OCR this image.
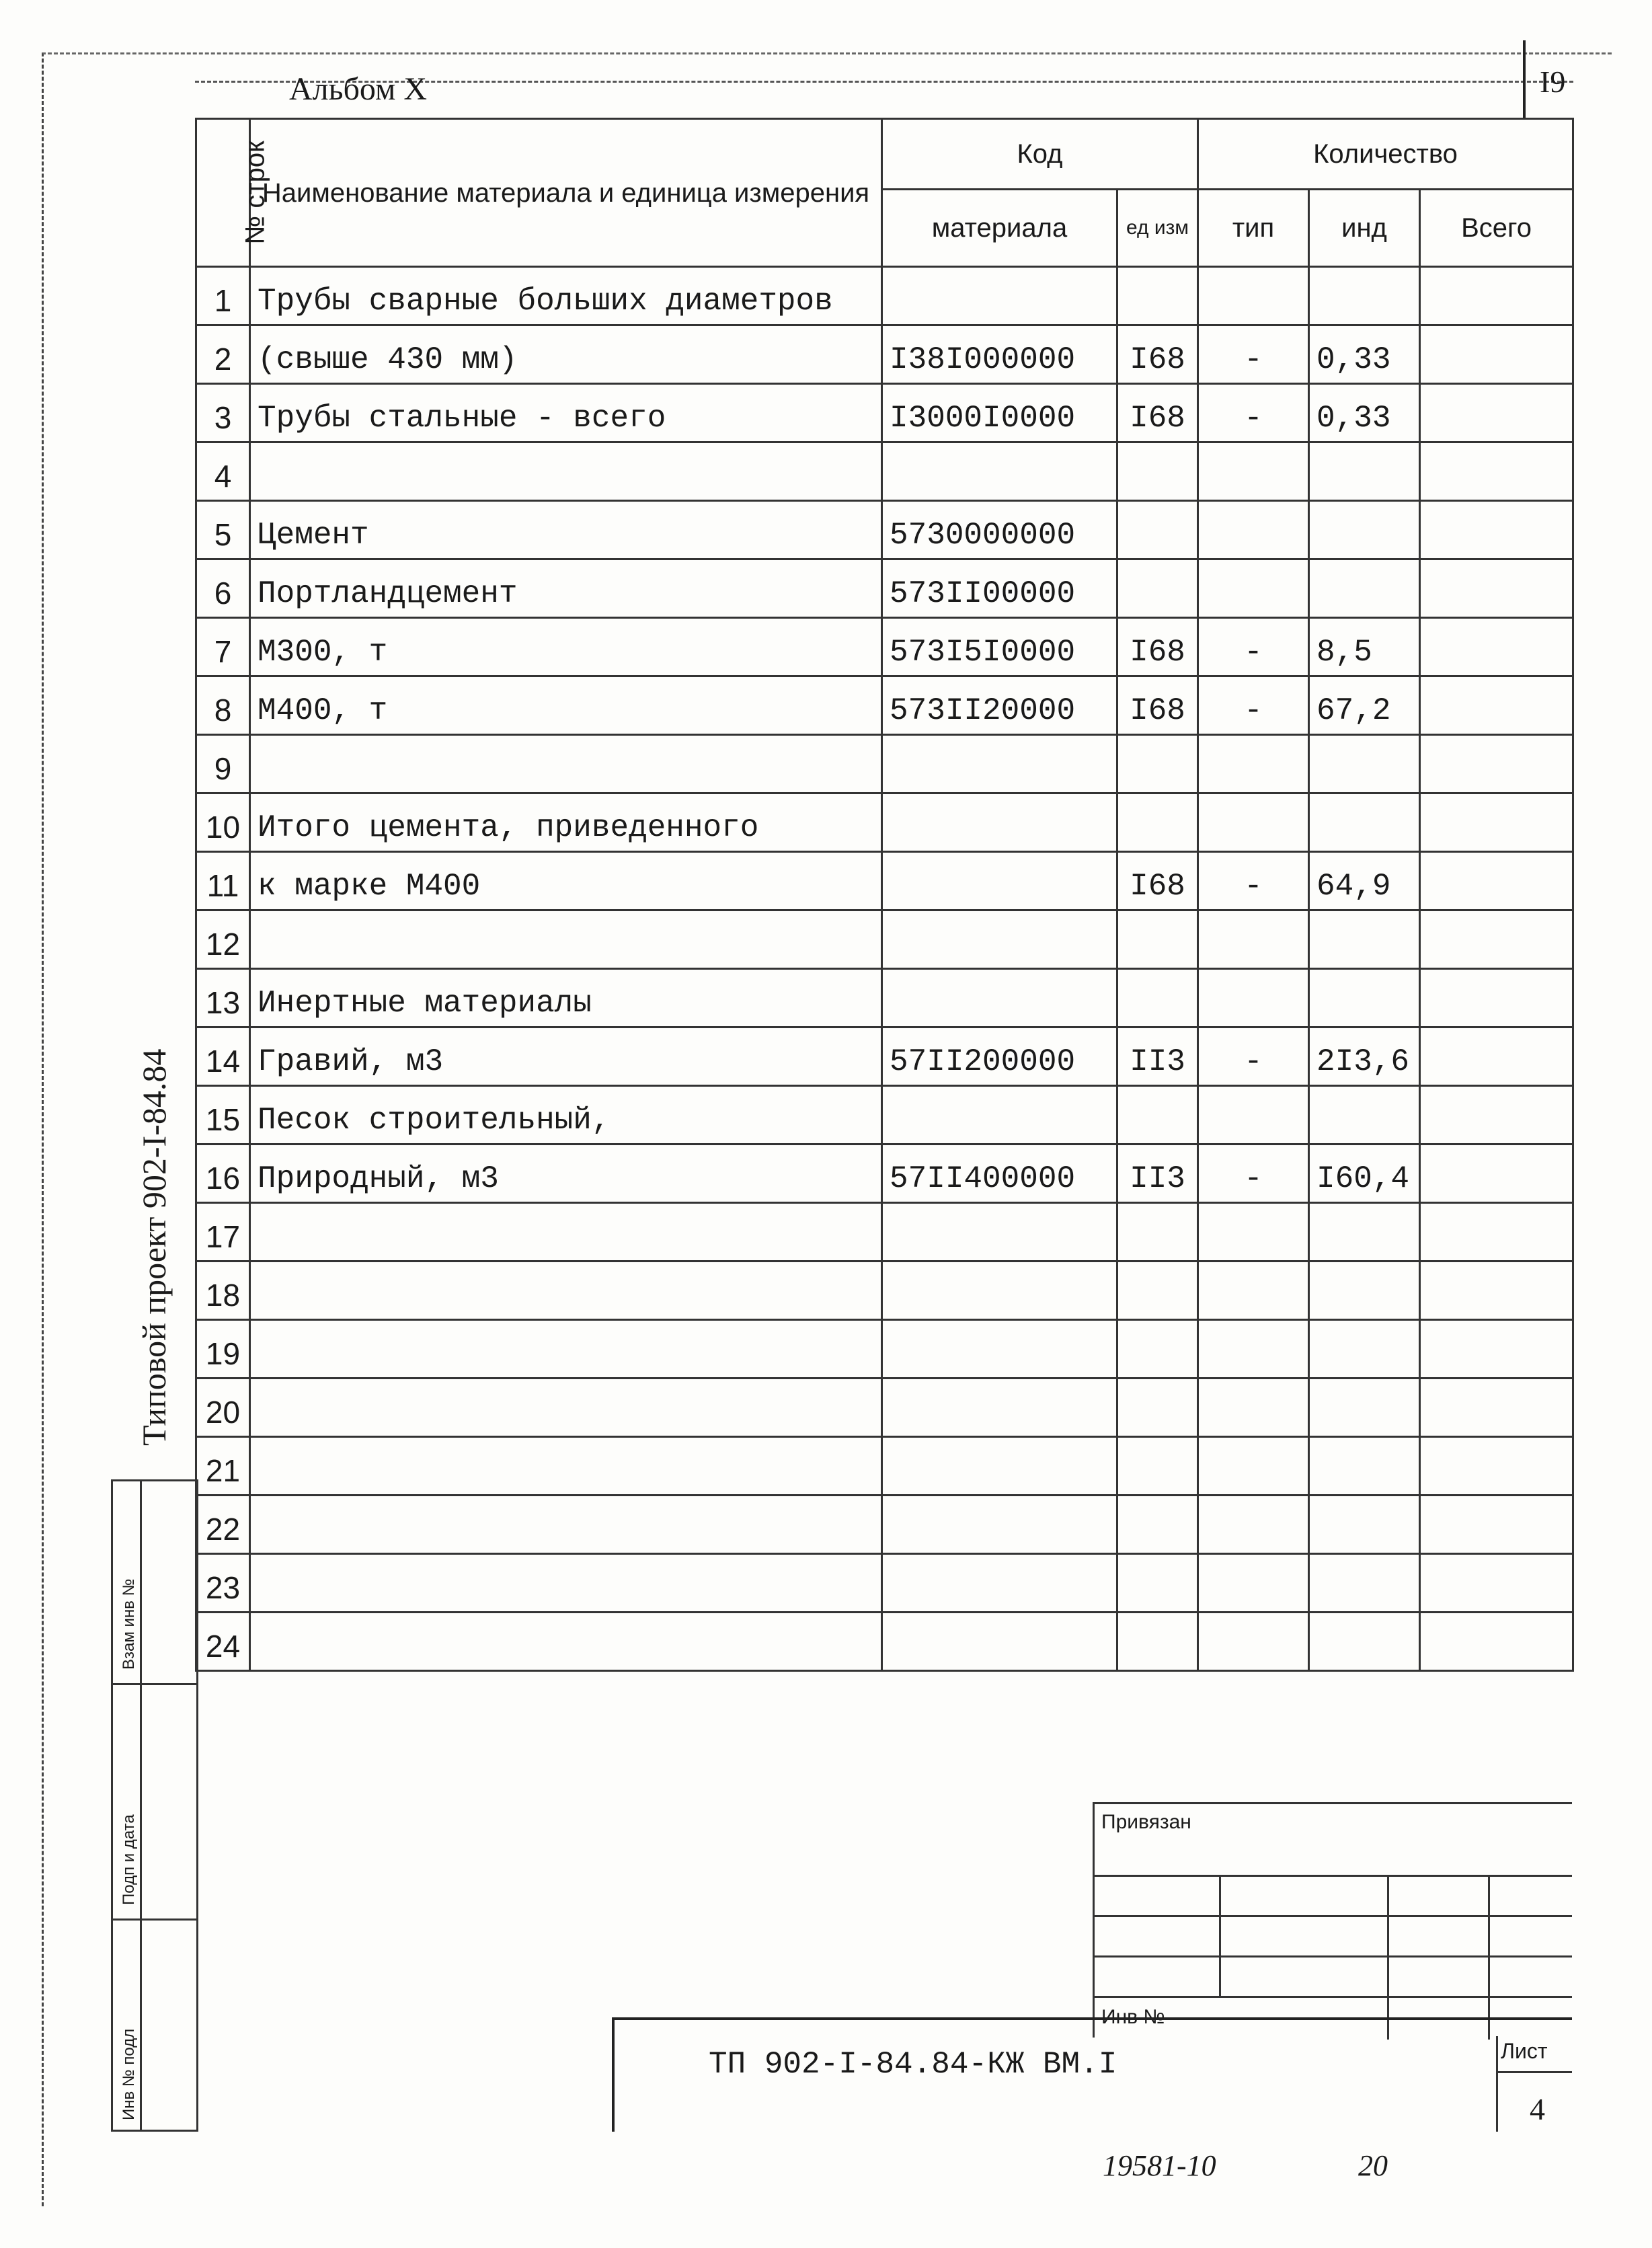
I9
Альбом X
Типовой проект 902-I-84.84
№ строк	Наименование материала и единица измерения	Код		Количество		
		материала	ед изм	тип	инд	Всего
1	Трубы сварные больших диаметров					
2	(свыше 430 мм)	I38I000000	I68	-	0,33	
3	Трубы стальные - всего	I3000I0000	I68	-	0,33	
4						
5	Цемент	5730000000				
6	Портландцемент	573II00000				
7	М300, т	573I5I0000	I68	-	8,5	
8	М400, т	573II20000	I68	-	67,2	
9						
10	Итого цемента, приведенного					
11	к марке М400		I68	-	64,9	
12						
13	Инертные материалы					
14	Гравий, м3	57II200000	II3	-	2I3,6	
15	Песок строительный,					
16	Природный, м3	57II400000	II3	-	I60,4	
17						
18						
19						
20						
21						
22						
23						
24						
Взам инв №
Подп и дата
Инв № подл
Привязан
Инв №
ТП 902-I-84.84-КЖ ВМ.I	Лист
4
19581-10	20
